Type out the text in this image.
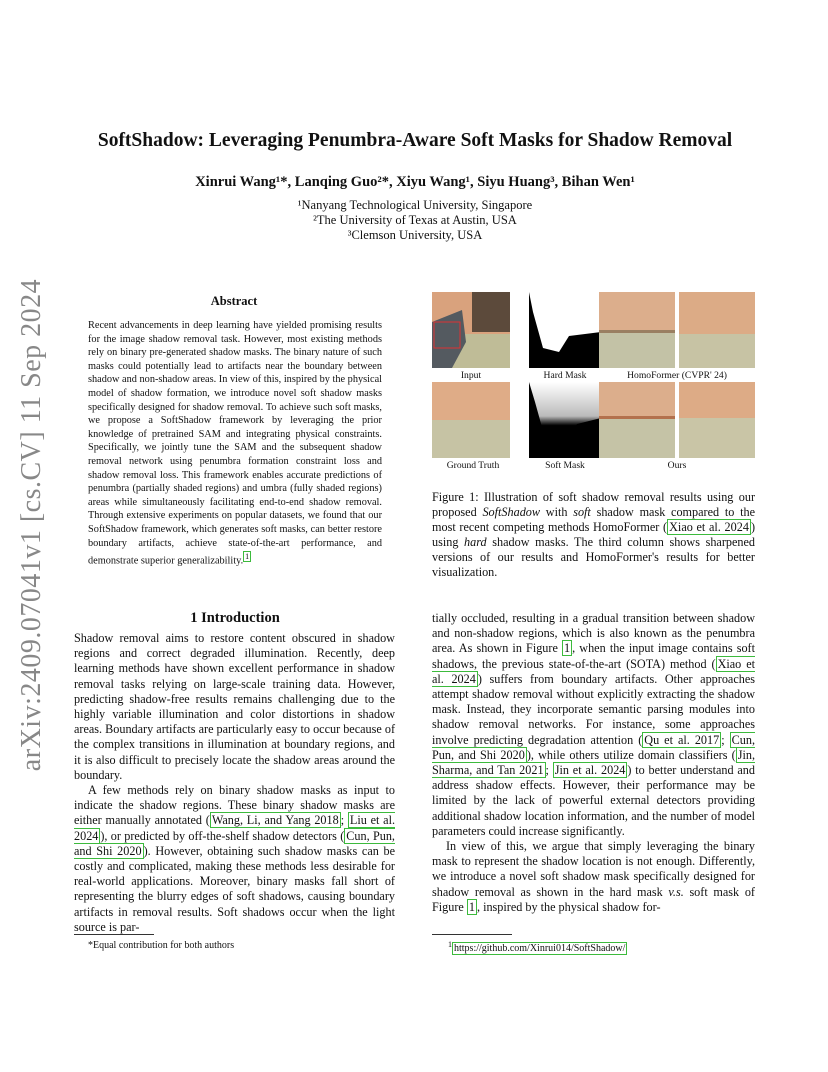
arXiv:2409.07041v1 [cs.CV] 11 Sep 2024
SoftShadow: Leveraging Penumbra-Aware Soft Masks for Shadow Removal
Xinrui Wang¹*, Lanqing Guo²*, Xiyu Wang¹, Siyu Huang³, Bihan Wen¹
¹Nanyang Technological University, Singapore
²The University of Texas at Austin, USA
³Clemson University, USA
Abstract
Recent advancements in deep learning have yielded promising results for the image shadow removal task. However, most existing methods rely on binary pre-generated shadow masks. The binary nature of such masks could potentially lead to artifacts near the boundary between shadow and non-shadow areas. In view of this, inspired by the physical model of shadow formation, we introduce novel soft shadow masks specifically designed for shadow removal. To achieve such soft masks, we propose a SoftShadow framework by leveraging the prior knowledge of pretrained SAM and integrating physical constraints. Specifically, we jointly tune the SAM and the subsequent shadow removal network using penumbra formation constraint loss and shadow removal loss. This framework enables accurate predictions of penumbra (partially shaded regions) and umbra (fully shaded regions) areas while simultaneously facilitating end-to-end shadow removal. Through extensive experiments on popular datasets, we found that our SoftShadow framework, which generates soft masks, can better restore boundary artifacts, achieve state-of-the-art performance, and demonstrate superior generalizability. $^1$
1 Introduction

Shadow removal aims to restore content obscured in shadow regions and correct degraded illumination. Recently, deep learning methods have shown excellent performance in shadow removal tasks relying on large-scale training data. However, predicting shadow-free results remains challenging due to the highly variable illumination and color distortions in shadow areas. Boundary artifacts are particularly easy to occur because of the complex transitions in illumination at boundary regions, and it is also difficult to precisely locate the shadow areas around the boundary.

A few methods rely on binary shadow masks as input to indicate the shadow regions. These binary shadow masks are either manually annotated ( Wang, Li, and Yang 2018 ; Liu et al. 2024 ), or predicted by off-the-shelf shadow detectors ( Cun, Pun, and Shi 2020 ). However, obtaining such shadow masks can be costly and complicated, making these methods less desirable for real-world applications. Moreover, binary masks fall short of representing the blurry edges of soft shadows, causing boundary artifacts in removal results. Soft shadows occur when the light source is par-

*Equal contribution for both authors
Input	Hard Mask	HomoFormer (CVPR' 24)
Ground Truth	Soft Mask	Ours
Figure 1: Illustration of soft shadow removal results using our proposed SoftShadow with soft shadow mask compared to the most recent competing methods HomoFormer ( Xiao et al. 2024 ) using hard shadow masks. The third column shows sharpened versions of our results and HomoFormer's results for better visualization.

tially occluded, resulting in a gradual transition between shadow and non-shadow regions, which is also known as the penumbra area. As shown in Figure 1 , when the input image contains soft shadows, the previous state-of-the-art (SOTA) method ( Xiao et al. 2024 ) suffers from boundary artifacts. Other approaches attempt shadow removal without explicitly extracting the shadow mask. Instead, they incorporate semantic parsing modules into shadow removal networks. For instance, some approaches involve predicting degradation attention ( Qu et al. 2017 ; Cun, Pun, and Shi 2020 ), while others utilize domain classifiers ( Jin, Sharma, and Tan 2021 ; Jin et al. 2024 ) to better understand and address shadow effects. However, their performance may be limited by the lack of powerful external detectors providing additional shadow location information, and the number of model parameters could increase significantly.

In view of this, we argue that simply leveraging the binary mask to represent the shadow location is not enough. Differently, we introduce a novel soft shadow mask specifically designed for shadow removal as shown in the hard mask v.s. soft mask of Figure 1 , inspired by the physical shadow for-

$^1$ https://github.com/Xinrui014/SoftShadow/
